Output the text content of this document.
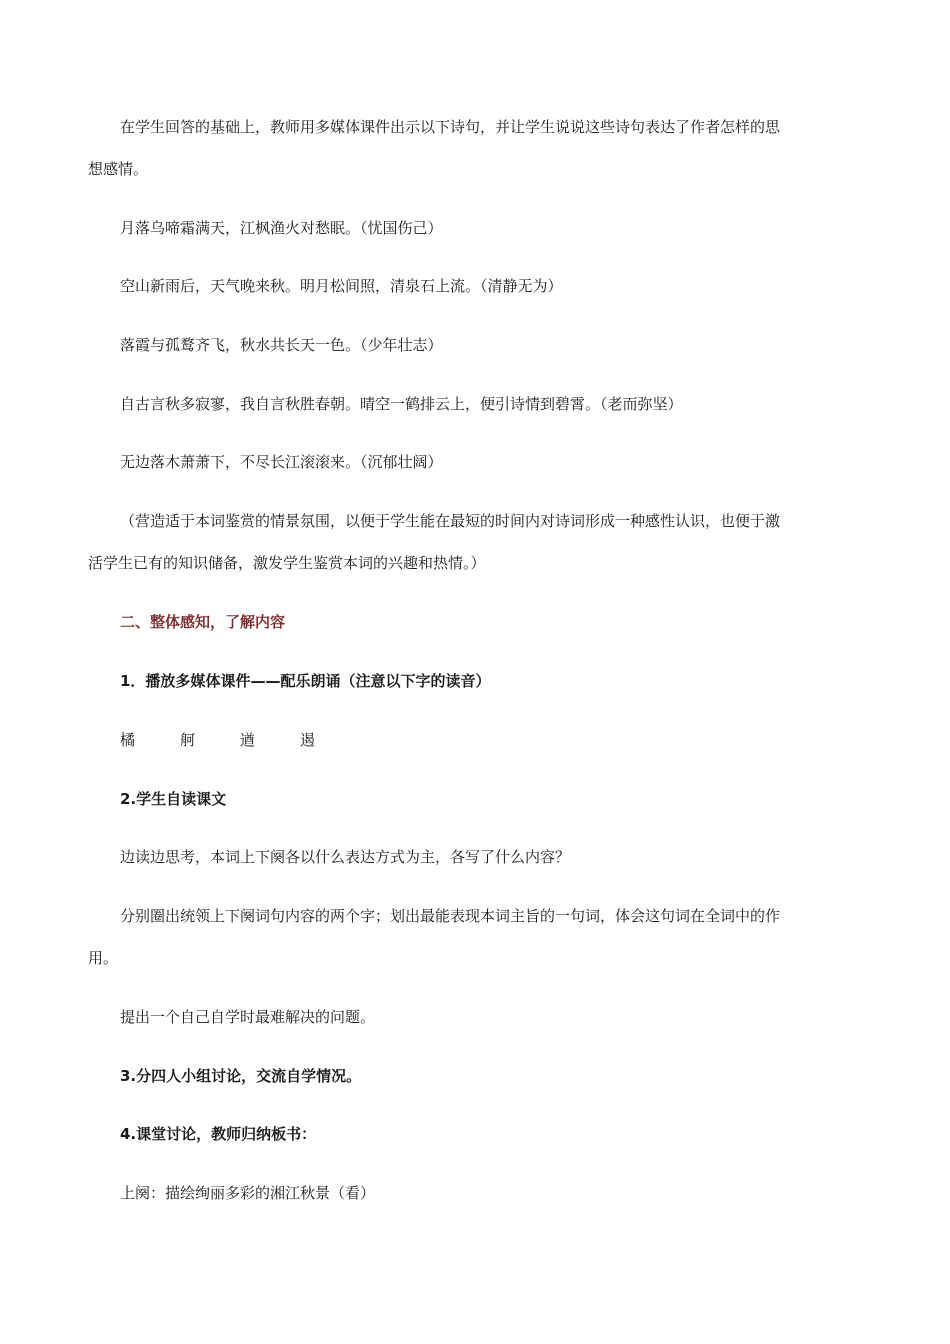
在学生回答的基础上，教师用多媒体课件出示以下诗句，并让学生说说这些诗句表达了作者怎样的思
想感情。
月落乌啼霜满天，江枫渔火对愁眠。（忧国伤己）
空山新雨后，天气晚来秋。明月松间照，清泉石上流。（清静无为）
落霞与孤鹜齐飞，秋水共长天一色。（少年壮志）
自古言秋多寂寥，我自言秋胜春朝。晴空一鹤排云上，便引诗情到碧霄。（老而弥坚）
无边落木萧萧下，不尽长江滚滚来。（沉郁壮阔）
（营造适于本词鉴赏的情景氛围，以便于学生能在最短的时间内对诗词形成一种感性认识，也便于激
活学生已有的知识储备，激发学生鉴赏本词的兴趣和热情。）
二、整体感知，了解内容
1．播放多媒体课件——配乐朗诵（注意以下字的读音）
橘	舸	遒	遏
2.学生自读课文
边读边思考，本词上下阕各以什么表达方式为主，各写了什么内容？
分别圈出统领上下阕词句内容的两个字；划出最能表现本词主旨的一句词，体会这句词在全词中的作
用。
提出一个自己自学时最难解决的问题。
3.分四人小组讨论，交流自学情况。
4.课堂讨论，教师归纳板书：
上阕：描绘绚丽多彩的湘江秋景（看）
